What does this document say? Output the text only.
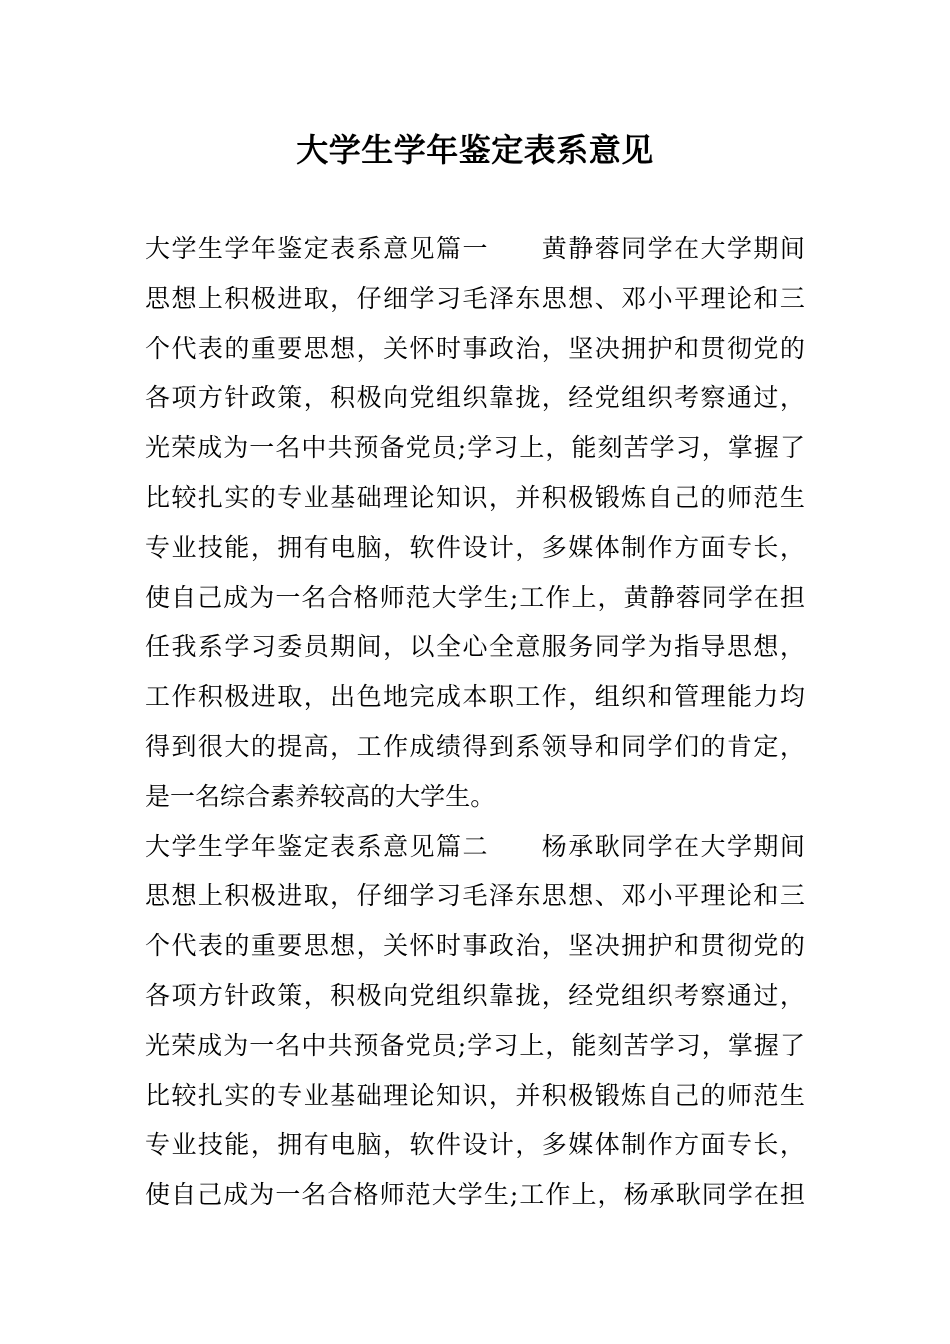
大学生学年鉴定表系意见
大 学 生 学 年 鉴 定 表 系 意 见 篇 一

　 黄 静 蓉 同 学 在 大 学 期 间
思 想 上 积 极 进 取 ， 仔 细 学 习 毛 泽 东 思 想 、 邓 小 平 理 论 和 三
个 代 表 的 重 要 思 想 ， 关 怀 时 事 政 治 ， 坚 决 拥 护 和 贯 彻 党 的
各 项 方 针 政 策 ， 积 极 向 党 组 织 靠 拢 ， 经 党 组 织 考 察 通 过 ，
光 荣 成 为 一 名 中 共 预 备 党 员 ; 学 习 上 ， 能 刻 苦 学 习 ， 掌 握 了
比 较 扎 实 的 专 业 基 础 理 论 知 识 ， 并 积 极 锻 炼 自 己 的 师 范 生
专 业 技 能 ， 拥 有 电 脑 ， 软 件 设 计 ， 多 媒 体 制 作 方 面 专 长 ，
使 自 己 成 为 一 名 合 格 师 范 大 学 生 ; 工 作 上 ， 黄 静 蓉 同 学 在 担
任 我 系 学 习 委 员 期 间 ， 以 全 心 全 意 服 务 同 学 为 指 导 思 想 ，
工 作 积 极 进 取 ， 出 色 地 完 成 本 职 工 作 ， 组 织 和 管 理 能 力 均
得 到 很 大 的 提 高 ， 工 作 成 绩 得 到 系 领 导 和 同 学 们 的 肯 定 ，
是 一 名 综 合 素 养 较 高 的 大 学 生 。
大 学 生 学 年 鉴 定 表 系 意 见 篇 二

　 杨 承 耿 同 学 在 大 学 期 间
思 想 上 积 极 进 取 ， 仔 细 学 习 毛 泽 东 思 想 、 邓 小 平 理 论 和 三
个 代 表 的 重 要 思 想 ， 关 怀 时 事 政 治 ， 坚 决 拥 护 和 贯 彻 党 的
各 项 方 针 政 策 ， 积 极 向 党 组 织 靠 拢 ， 经 党 组 织 考 察 通 过 ，
光 荣 成 为 一 名 中 共 预 备 党 员 ; 学 习 上 ， 能 刻 苦 学 习 ， 掌 握 了
比 较 扎 实 的 专 业 基 础 理 论 知 识 ， 并 积 极 锻 炼 自 己 的 师 范 生
专 业 技 能 ， 拥 有 电 脑 ， 软 件 设 计 ， 多 媒 体 制 作 方 面 专 长 ，
使 自 己 成 为 一 名 合 格 师 范 大 学 生 ; 工 作 上 ， 杨 承 耿 同 学 在 担
